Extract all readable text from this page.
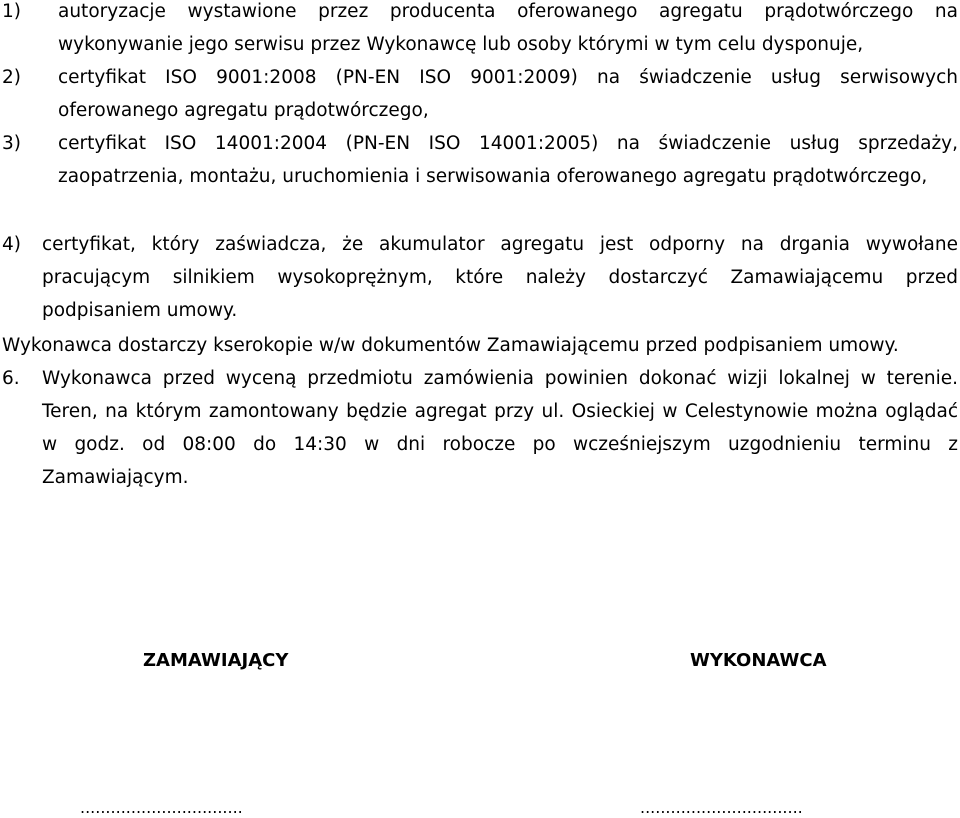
1) autoryzacje wystawione przez producenta oferowanego agregatu prądotwórczego na wykonywanie jego serwisu przez Wykonawcę lub osoby którymi w tym celu dysponuje,
2) certyfikat ISO 9001:2008 (PN-EN ISO 9001:2009) na świadczenie usług serwisowych oferowanego agregatu prądotwórczego,
3) certyfikat ISO 14001:2004 (PN-EN ISO 14001:2005) na świadczenie usług sprzedaży, zaopatrzenia, montażu, uruchomienia i serwisowania oferowanego agregatu prądotwórczego,
4) certyfikat, który zaświadcza, że akumulator agregatu jest odporny na drgania wywołane pracującym silnikiem wysokoprężnym, które należy dostarczyć Zamawiającemu przed podpisaniem umowy.
Wykonawca dostarczy kserokopie w/w dokumentów Zamawiającemu przed podpisaniem umowy.
6. Wykonawca przed wyceną przedmiotu zamówienia powinien dokonać wizji lokalnej w terenie. Teren, na którym zamontowany będzie agregat przy ul. Osieckiej w Celestynowie można oglądać w godz. od 08:00 do 14:30 w dni robocze po wcześniejszym uzgodnieniu terminu z Zamawiającym.
ZAMAWIAJĄCY	WYKONAWCA
................................	................................
